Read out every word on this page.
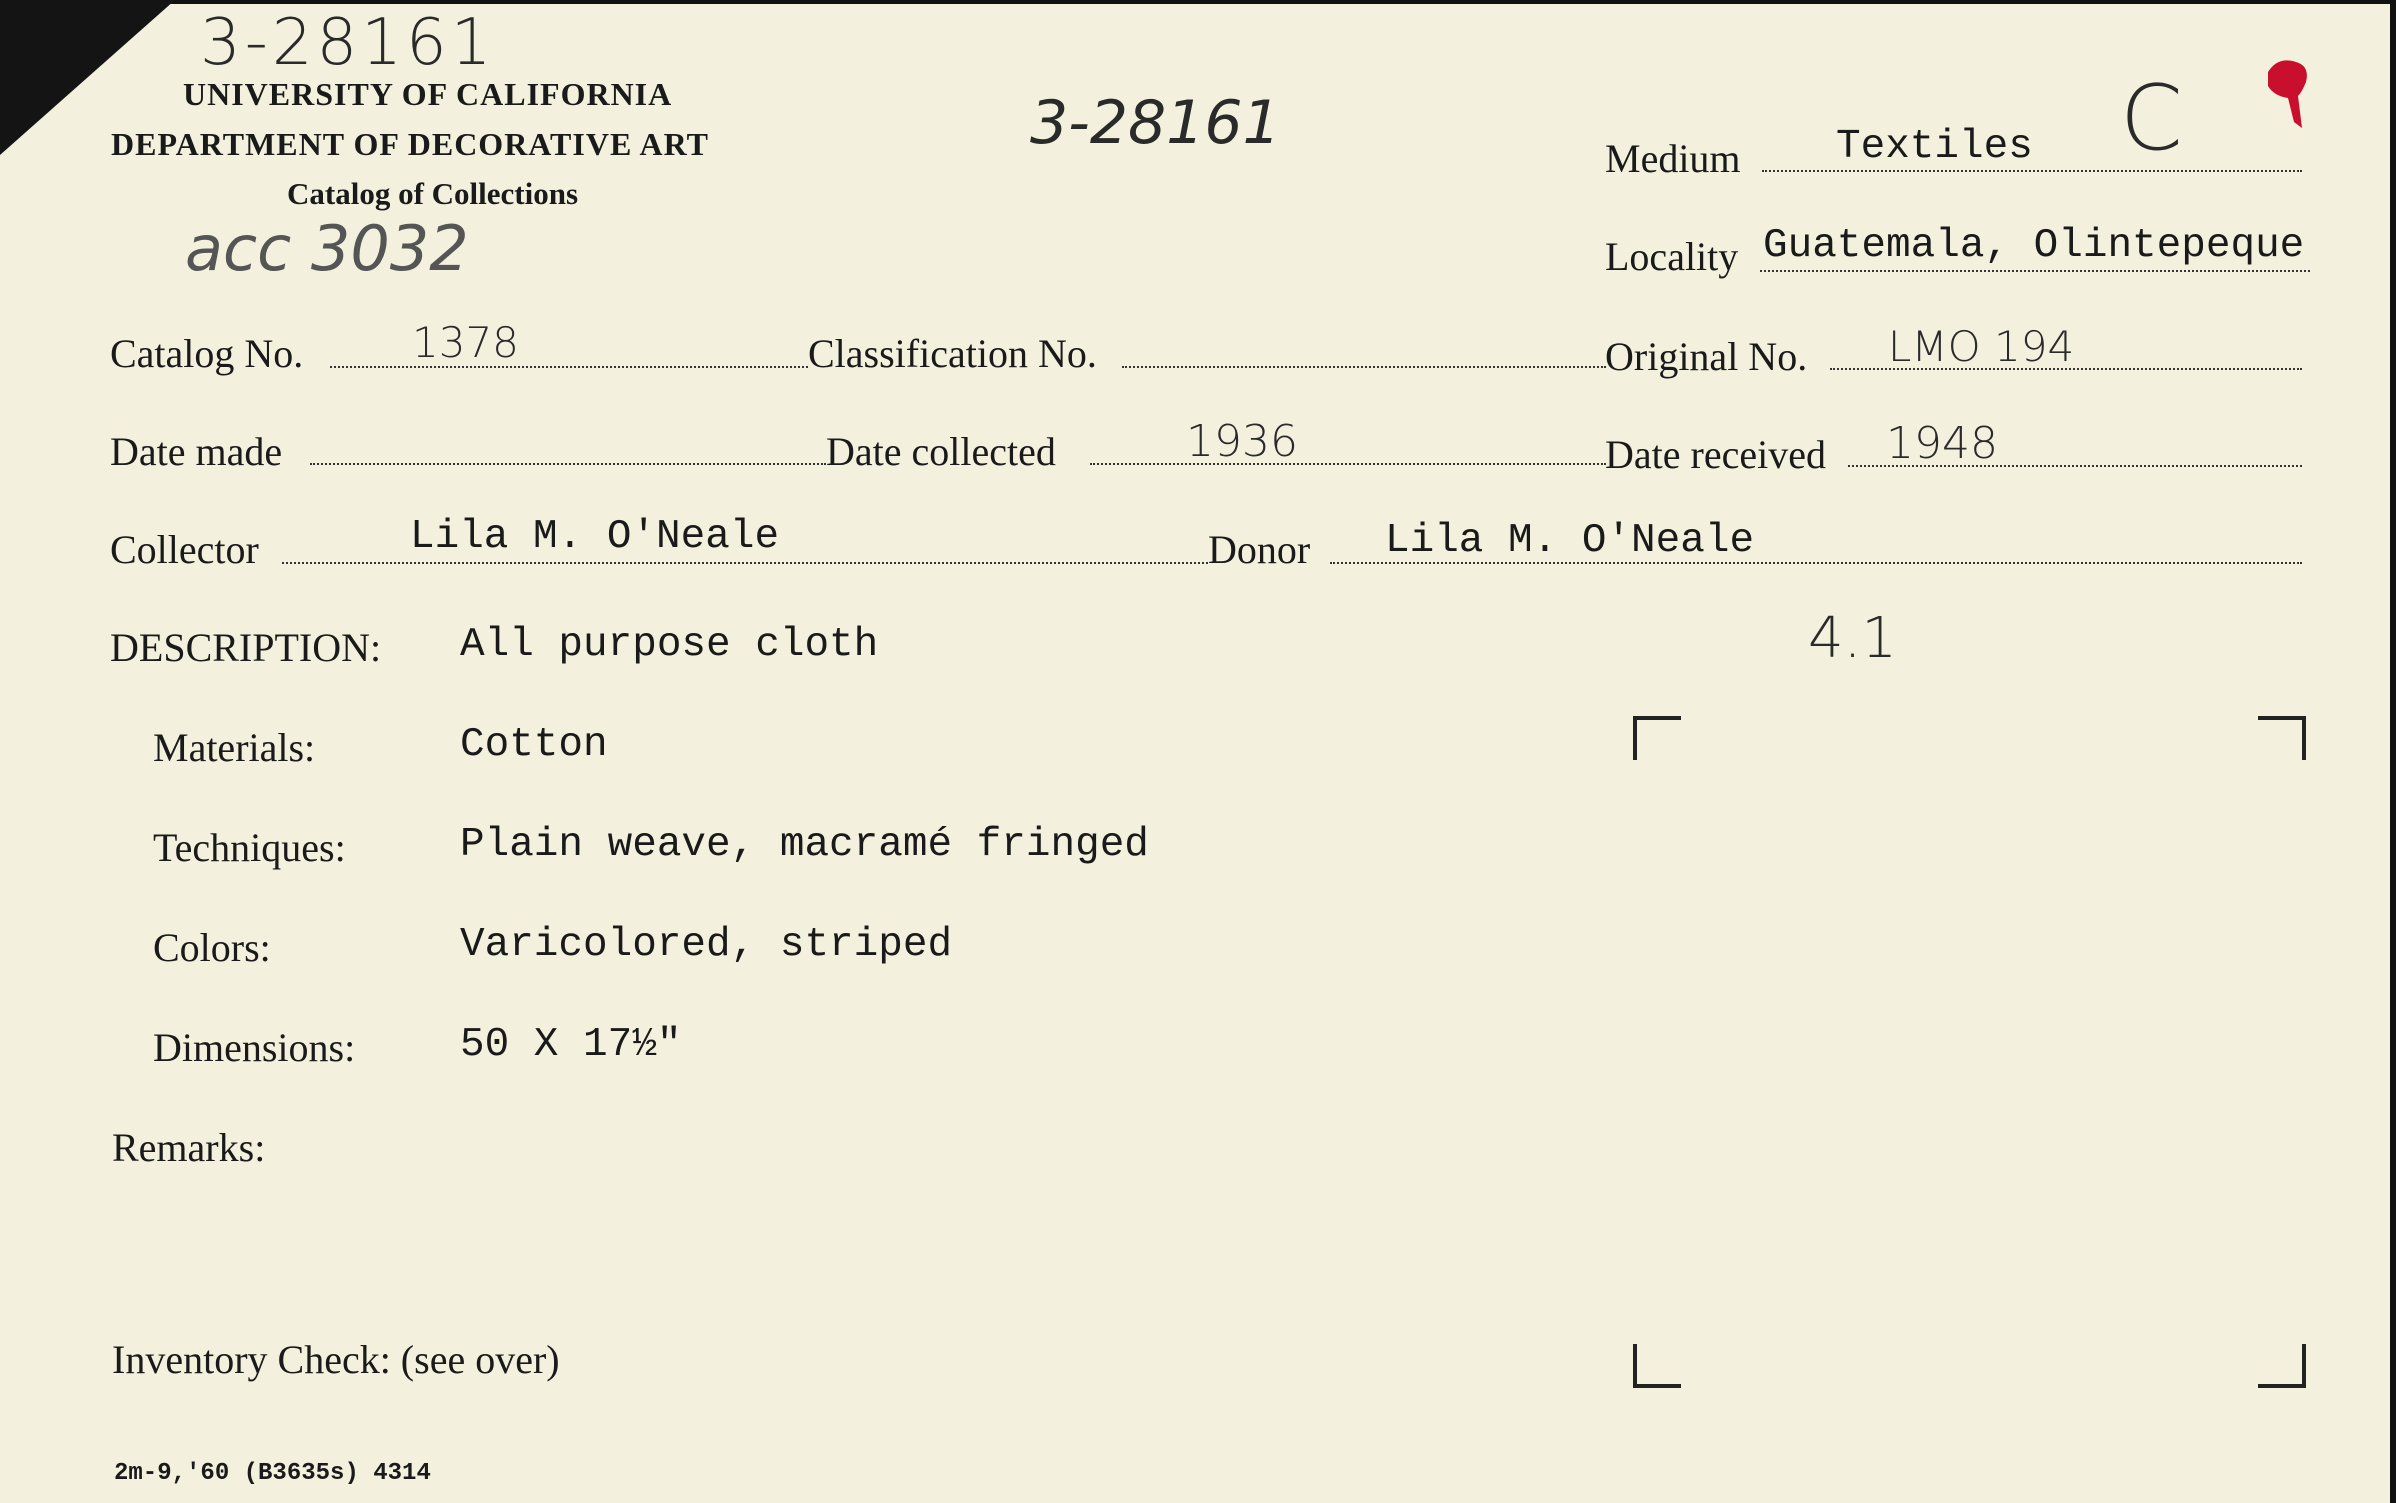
3-28161
3-28161
acc 3032
C
4.1
UNIVERSITY OF CALIFORNIA
DEPARTMENT OF DECORATIVE ART
Catalog of Collections
Medium Textiles
Locality Guatemala, Olintepeque
Catalog No.	1378	Classification No.	Original No. LMO 194
Date made	Date collected	1936	Date received 1948
Collector	Lila M. O'Neale	Donor Lila M. O'Neale
DESCRIPTION: All purpose cloth
Materials:	Cotton
Techniques:	Plain weave, macramé fringed
Colors:	Varicolored, striped
Dimensions:	50 X 17½"
Remarks:
Inventory Check: (see over)
2m-9,'60 (B3635s) 4314
